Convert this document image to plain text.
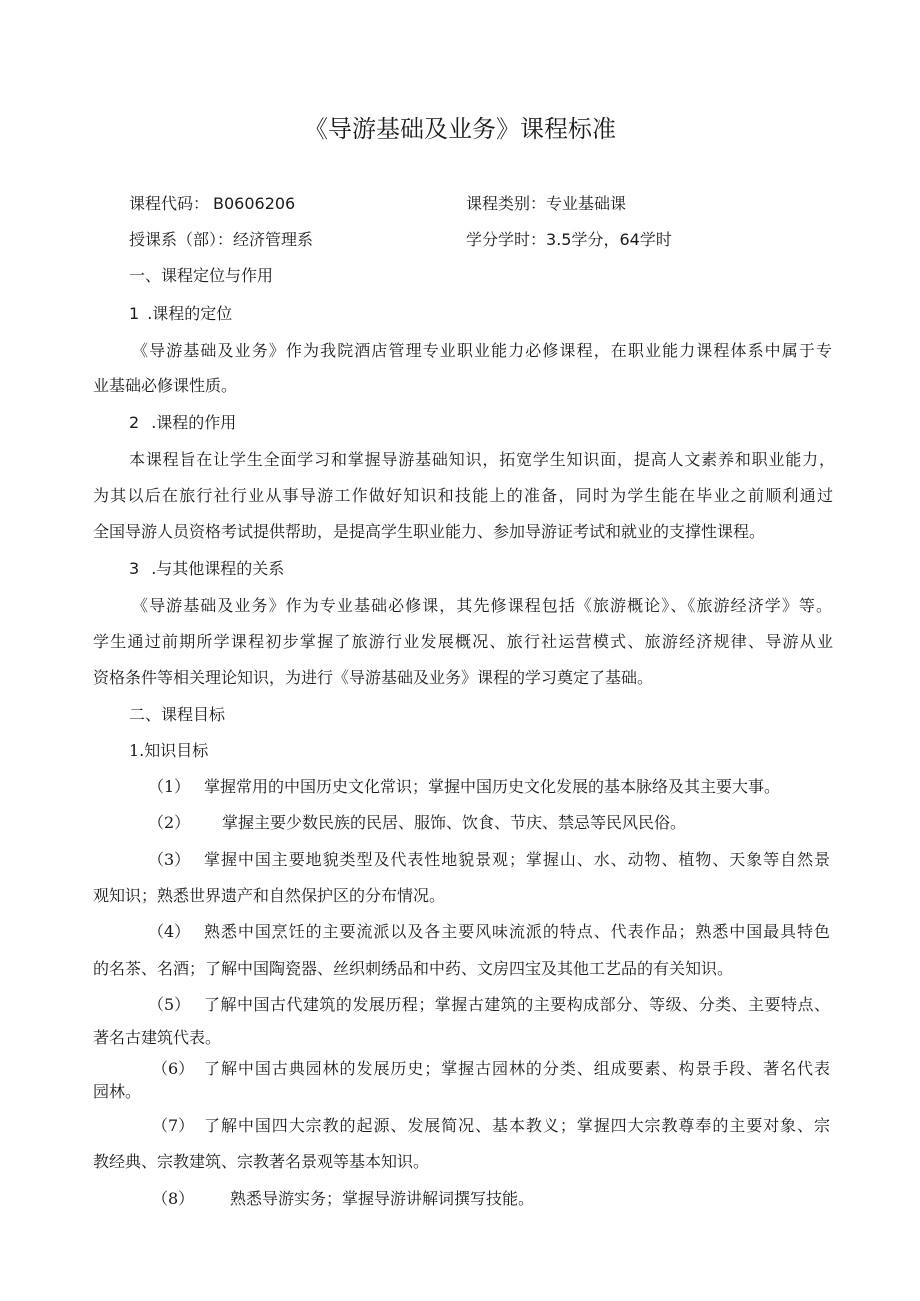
《导游基础及业务》课程标准
课程代码： B0606206	课程类别：专业基础课
授课系（部）：经济管理系	学分学时：3.5学分，64学时
一、课程定位与作用
1 .课程的定位
《导游基础及业务》作为我院酒店管理专业职业能力必修课程，在职业能力课程体系中属于专
业基础必修课性质。
2 .课程的作用
本课程旨在让学生全面学习和掌握导游基础知识，拓宽学生知识面，提高人文素养和职业能力，
为其以后在旅行社行业从事导游工作做好知识和技能上的准备，同时为学生能在毕业之前顺利通过
全国导游人员资格考试提供帮助，是提高学生职业能力、参加导游证考试和就业的支撑性课程。
3 .与其他课程的关系
《导游基础及业务》作为专业基础必修课，其先修课程包括《旅游概论》、《旅游经济学》等。
学生通过前期所学课程初步掌握了旅游行业发展概况、旅行社运营模式、旅游经济规律、导游从业
资格条件等相关理论知识，为进行《导游基础及业务》课程的学习奠定了基础。
二、课程目标
1.知识目标
（1） 掌握常用的中国历史文化常识；掌握中国历史文化发展的基本脉络及其主要大事。
（2） 掌握主要少数民族的民居、服饰、饮食、节庆、禁忌等民风民俗。
（3） 掌握中国主要地貌类型及代表性地貌景观；掌握山、水、动物、植物、天象等自然景
观知识；熟悉世界遗产和自然保护区的分布情况。
（4） 熟悉中国烹饪的主要流派以及各主要风味流派的特点、代表作品；熟悉中国最具特色
的名茶、名酒；了解中国陶瓷器、丝织刺绣品和中药、文房四宝及其他工艺品的有关知识。
（5） 了解中国古代建筑的发展历程；掌握古建筑的主要构成部分、等级、分类、主要特点、
著名古建筑代表。
（6） 了解中国古典园林的发展历史；掌握古园林的分类、组成要素、构景手段、著名代表
园林。
（7） 了解中国四大宗教的起源、发展简况、基本教义；掌握四大宗教尊奉的主要对象、宗
教经典、宗教建筑、宗教著名景观等基本知识。
（8） 熟悉导游实务；掌握导游讲解词撰写技能。
